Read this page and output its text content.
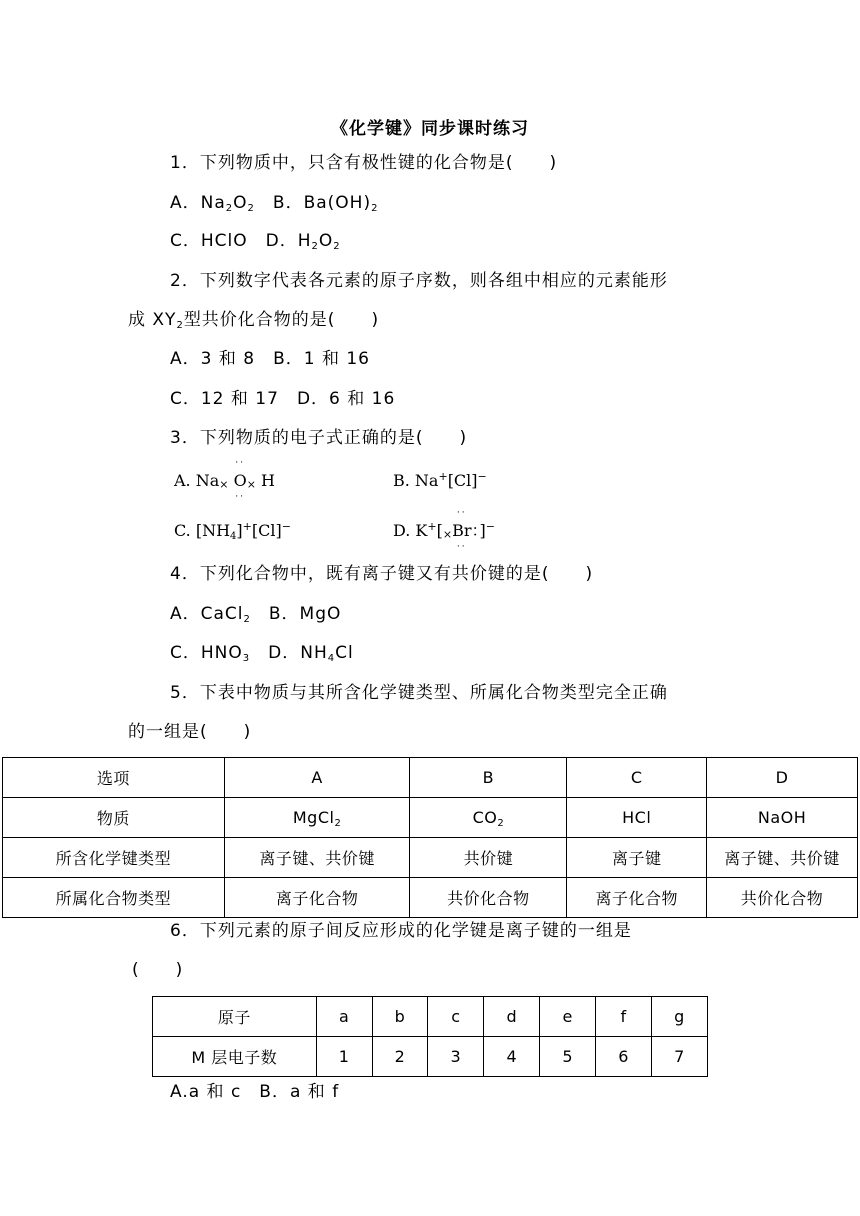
《化学键》同步课时练习
1．下列物质中，只含有极性键的化合物是(　　)
A．$Na_2O_2$　B．$Ba(OH)_2$
C．HClO　D．$H_2O_2$
2．下列数字代表各元素的原子序数，则各组中相应的元素能形
成 $XY_2$型共价化合物的是(　　)
A．3 和 8　B．1 和 16
C．12 和 17　D．6 和 16
3．下列物质的电子式正确的是(　　)
A. Na×
··
O
··
× H	B. Na+[Cl]−
C. $[NH_4]^+[Cl]^-$	D. K+[×
··
Br
··
：]−
4．下列化合物中，既有离子键又有共价键的是(　　)
A．CaCl$_2$　B．MgO
C．$HNO_3$　D．$NH_4Cl$
5．下表中物质与其所含化学键类型、所属化合物类型完全正确
的一组是(　　)
选项	A	B	C	D
物质	MgCl$_2$	$CO_2$	HCl	NaOH
所含化学键类型	离子键、共价键	共价键	离子键	离子键、共价键
所属化合物类型	离子化合物	共价化合物	离子化合物	共价化合物
6．下列元素的原子间反应形成的化学键是离子键的一组是
(　　)
原子	a	b	c	d	e	f	g
M 层电子数	1	2	3	4	5	6	7
A.a 和 c　B．a 和 f
